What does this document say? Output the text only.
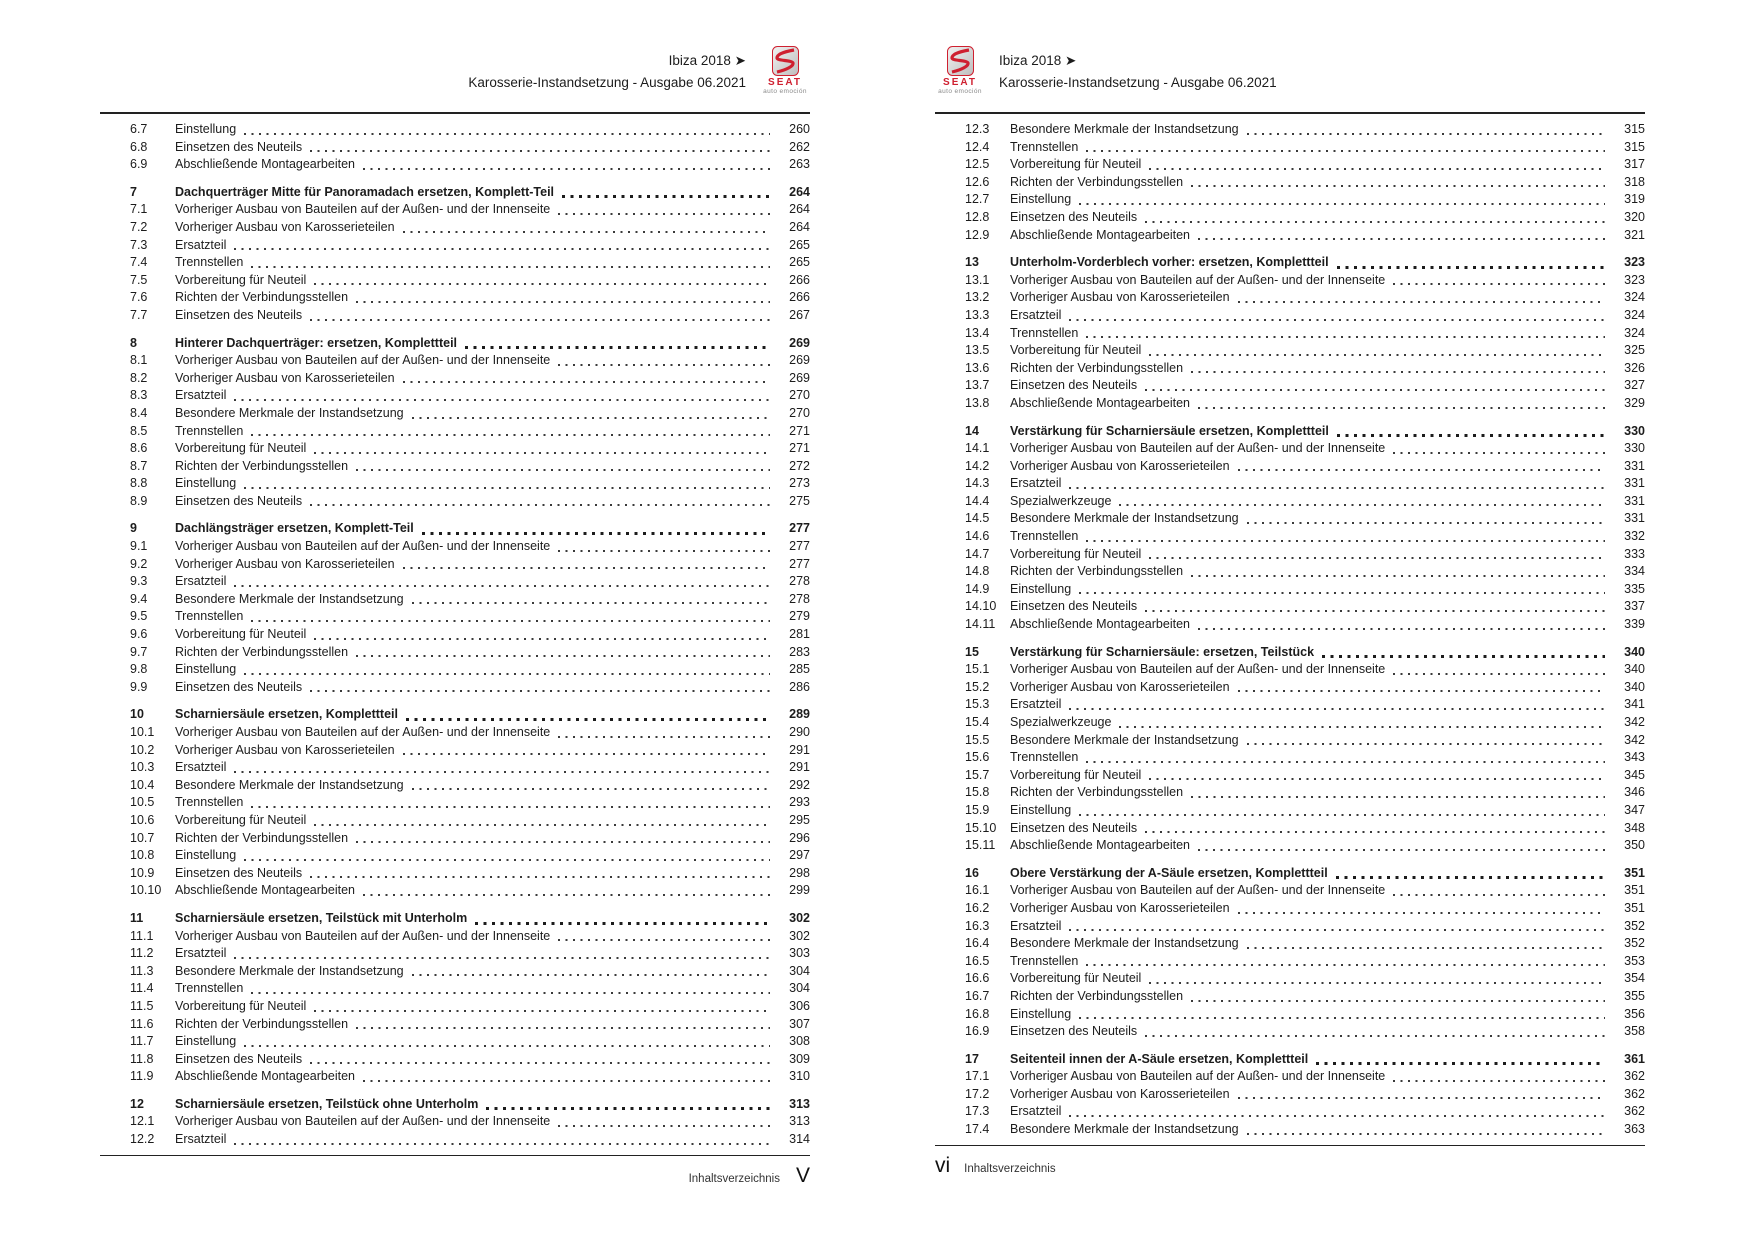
Ibiza 2018 ➤
Karosserie-Instandsetzung - Ausgabe 06.2021 SEAT
auto emoción
6.7	Einstellung	260
6.8	Einsetzen des Neuteils	262
6.9	Abschließende Montagearbeiten	263
7	Dachquerträger Mitte für Panoramadach ersetzen, Komplett-Teil	264
7.1	Vorheriger Ausbau von Bauteilen auf der Außen- und der Innenseite	264
7.2	Vorheriger Ausbau von Karosserieteilen	264
7.3	Ersatzteil	265
7.4	Trennstellen	265
7.5	Vorbereitung für Neuteil	266
7.6	Richten der Verbindungsstellen	266
7.7	Einsetzen des Neuteils	267
8	Hinterer Dachquerträger: ersetzen, Komplettteil	269
8.1	Vorheriger Ausbau von Bauteilen auf der Außen- und der Innenseite	269
8.2	Vorheriger Ausbau von Karosserieteilen	269
8.3	Ersatzteil	270
8.4	Besondere Merkmale der Instandsetzung	270
8.5	Trennstellen	271
8.6	Vorbereitung für Neuteil	271
8.7	Richten der Verbindungsstellen	272
8.8	Einstellung	273
8.9	Einsetzen des Neuteils	275
9	Dachlängsträger ersetzen, Komplett-Teil	277
9.1	Vorheriger Ausbau von Bauteilen auf der Außen- und der Innenseite	277
9.2	Vorheriger Ausbau von Karosserieteilen	277
9.3	Ersatzteil	278
9.4	Besondere Merkmale der Instandsetzung	278
9.5	Trennstellen	279
9.6	Vorbereitung für Neuteil	281
9.7	Richten der Verbindungsstellen	283
9.8	Einstellung	285
9.9	Einsetzen des Neuteils	286
10	Scharniersäule ersetzen, Komplettteil	289
10.1	Vorheriger Ausbau von Bauteilen auf der Außen- und der Innenseite	290
10.2	Vorheriger Ausbau von Karosserieteilen	291
10.3	Ersatzteil	291
10.4	Besondere Merkmale der Instandsetzung	292
10.5	Trennstellen	293
10.6	Vorbereitung für Neuteil	295
10.7	Richten der Verbindungsstellen	296
10.8	Einstellung	297
10.9	Einsetzen des Neuteils	298
10.10	Abschließende Montagearbeiten	299
11	Scharniersäule ersetzen, Teilstück mit Unterholm	302
11.1	Vorheriger Ausbau von Bauteilen auf der Außen- und der Innenseite	302
11.2	Ersatzteil	303
11.3	Besondere Merkmale der Instandsetzung	304
11.4	Trennstellen	304
11.5	Vorbereitung für Neuteil	306
11.6	Richten der Verbindungsstellen	307
11.7	Einstellung	308
11.8	Einsetzen des Neuteils	309
11.9	Abschließende Montagearbeiten	310
12	Scharniersäule ersetzen, Teilstück ohne Unterholm	313
12.1	Vorheriger Ausbau von Bauteilen auf der Außen- und der Innenseite	313
12.2	Ersatzteil	314
Inhaltsverzeichnis V
SEAT
auto emoción
Ibiza 2018 ➤
Karosserie-Instandsetzung - Ausgabe 06.2021
12.3	Besondere Merkmale der Instandsetzung	315
12.4	Trennstellen	315
12.5	Vorbereitung für Neuteil	317
12.6	Richten der Verbindungsstellen	318
12.7	Einstellung	319
12.8	Einsetzen des Neuteils	320
12.9	Abschließende Montagearbeiten	321
13	Unterholm-Vorderblech vorher: ersetzen, Komplettteil	323
13.1	Vorheriger Ausbau von Bauteilen auf der Außen- und der Innenseite	323
13.2	Vorheriger Ausbau von Karosserieteilen	324
13.3	Ersatzteil	324
13.4	Trennstellen	324
13.5	Vorbereitung für Neuteil	325
13.6	Richten der Verbindungsstellen	326
13.7	Einsetzen des Neuteils	327
13.8	Abschließende Montagearbeiten	329
14	Verstärkung für Scharniersäule ersetzen, Komplettteil	330
14.1	Vorheriger Ausbau von Bauteilen auf der Außen- und der Innenseite	330
14.2	Vorheriger Ausbau von Karosserieteilen	331
14.3	Ersatzteil	331
14.4	Spezialwerkzeuge	331
14.5	Besondere Merkmale der Instandsetzung	331
14.6	Trennstellen	332
14.7	Vorbereitung für Neuteil	333
14.8	Richten der Verbindungsstellen	334
14.9	Einstellung	335
14.10	Einsetzen des Neuteils	337
14.11	Abschließende Montagearbeiten	339
15	Verstärkung für Scharniersäule: ersetzen, Teilstück	340
15.1	Vorheriger Ausbau von Bauteilen auf der Außen- und der Innenseite	340
15.2	Vorheriger Ausbau von Karosserieteilen	340
15.3	Ersatzteil	341
15.4	Spezialwerkzeuge	342
15.5	Besondere Merkmale der Instandsetzung	342
15.6	Trennstellen	343
15.7	Vorbereitung für Neuteil	345
15.8	Richten der Verbindungsstellen	346
15.9	Einstellung	347
15.10	Einsetzen des Neuteils	348
15.11	Abschließende Montagearbeiten	350
16	Obere Verstärkung der A-Säule ersetzen, Komplettteil	351
16.1	Vorheriger Ausbau von Bauteilen auf der Außen- und der Innenseite	351
16.2	Vorheriger Ausbau von Karosserieteilen	351
16.3	Ersatzteil	352
16.4	Besondere Merkmale der Instandsetzung	352
16.5	Trennstellen	353
16.6	Vorbereitung für Neuteil	354
16.7	Richten der Verbindungsstellen	355
16.8	Einstellung	356
16.9	Einsetzen des Neuteils	358
17	Seitenteil innen der A-Säule ersetzen, Komplettteil	361
17.1	Vorheriger Ausbau von Bauteilen auf der Außen- und der Innenseite	362
17.2	Vorheriger Ausbau von Karosserieteilen	362
17.3	Ersatzteil	362
17.4	Besondere Merkmale der Instandsetzung	363
vi Inhaltsverzeichnis
